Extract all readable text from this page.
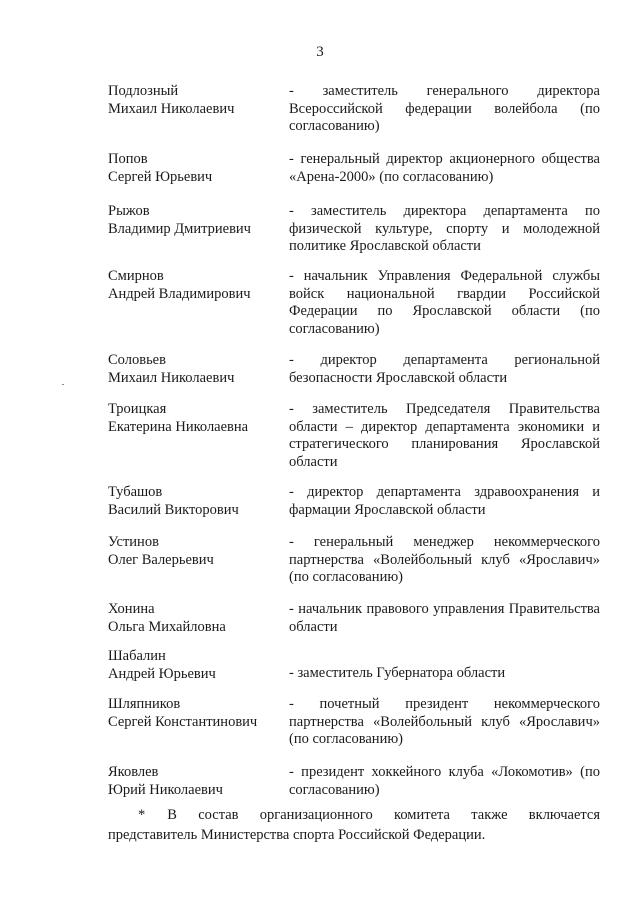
3
Подлозный
Михаил Николаевич
- заместитель генерального директора Всероссийской федерации волейбола (по согласованию)
Попов
Сергей Юрьевич
- генеральный директор акционерного общества «Арена-2000» (по согласованию)
Рыжов
Владимир Дмитриевич
- заместитель директора департамента по физической культуре, спорту и молодежной политике Ярославской области
Смирнов
Андрей Владимирович
- начальник Управления Федеральной службы войск национальной гвардии Российской Федерации по Ярославской области (по согласованию)
Соловьев
Михаил Николаевич
- директор департамента региональной безопасности Ярославской области
Троицкая
Екатерина Николаевна
- заместитель Председателя Правительства области – директор департамента экономики и стратегического планирования Ярославской области
Тубашов
Василий Викторович
- директор департамента здравоохранения и фармации Ярославской области
Устинов
Олег Валерьевич
- генеральный менеджер некоммерческого партнерства «Волейбольный клуб «Ярославич» (по согласованию)
Хонина
Ольга Михайловна
- начальник правового управления Правительства области
Шабалин
Андрей Юрьевич	- заместитель Губернатора области
Шляпников
Сергей Константинович
- почетный президент некоммерческого партнерства «Волейбольный клуб «Ярославич» (по согласованию)
Яковлев
Юрий Николаевич
- президент хоккейного клуба «Локомотив» (по согласованию)
* В состав организационного комитета также включается представитель Министерства спорта Российской Федерации.
